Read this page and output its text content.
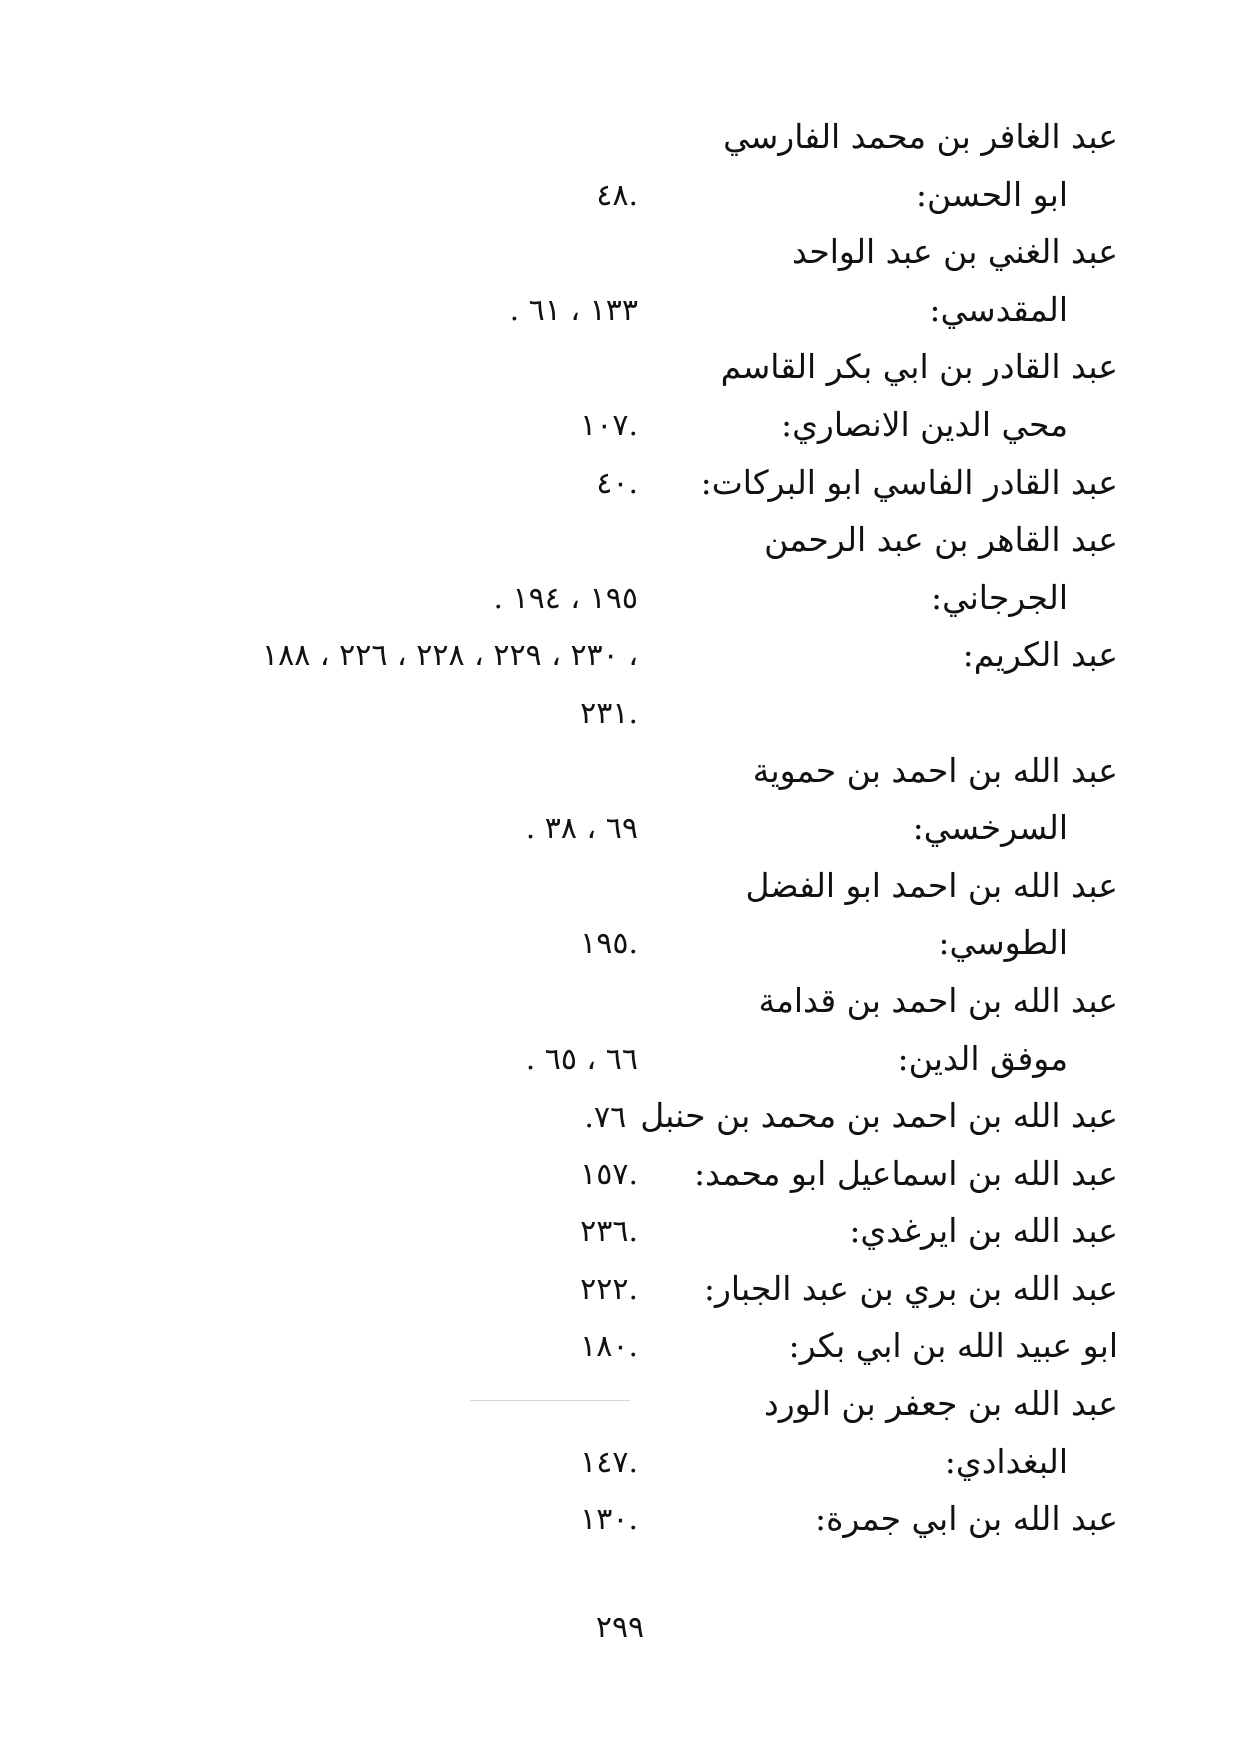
عبد الغافر بن محمد الفارسي
ابو الحسن:
.٤٨
عبد الغني بن عبد الواحد
المقدسي:
١٣٣ ، ٦١ .
عبد القادر بن ابي بكر القاسم
محي الدين الانصاري:
.١٠٧
عبد القادر الفاسي ابو البركات:
.٤٠
عبد القاهر بن عبد الرحمن
الجرجاني:
١٩٥ ، ١٩٤ .
عبد الكريم:
، ٢٣٠ ، ٢٢٩ ، ٢٢٨ ، ٢٢٦ ، ١٨٨
.٢٣١
عبد الله بن احمد بن حموية
السرخسي:
٦٩ ، ٣٨ .
عبد الله بن احمد ابو الفضل
الطوسي:
.١٩٥
عبد الله بن احمد بن قدامة
موفق الدين:
٦٦ ، ٦٥ .
عبد الله بن احمد بن محمد بن حنبل
٧٦.
عبد الله بن اسماعيل ابو محمد:
.١٥٧
عبد الله بن ايرغدي:
.٢٣٦
عبد الله بن بري بن عبد الجبار:
.٢٢٢
ابو عبيد الله بن ابي بكر:
.١٨٠
عبد الله بن جعفر بن الورد
البغدادي:
.١٤٧
عبد الله بن ابي جمرة:
.١٣٠
٢٩٩
